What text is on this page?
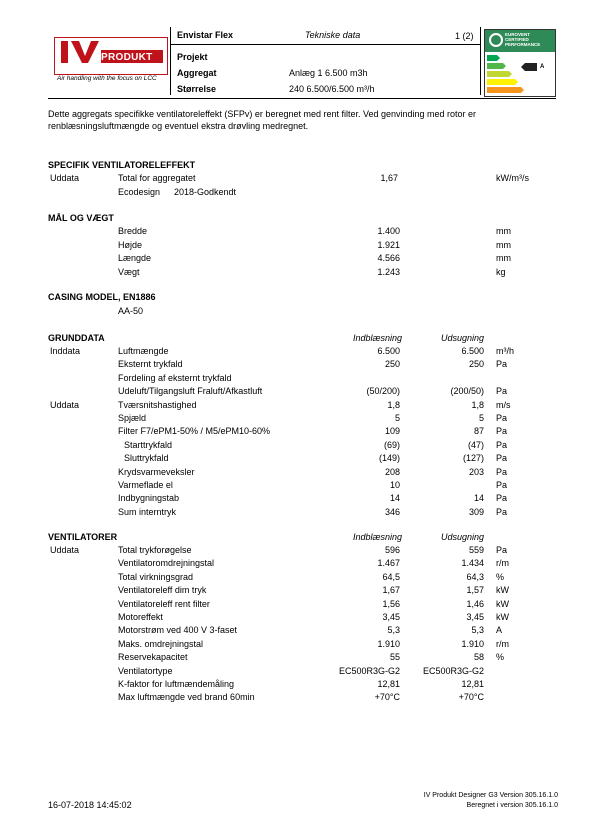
PRODUKT
Air handling with the focus on LCC
Envistar Flex	Tekniske data	1 (2)
Projekt
Aggregat	Anlæg 1 6.500 m3h
Størrelse	240 6.500/6.500 m³/h
EUROVENT CERTIFIED PERFORMANCE
A
Dette aggregats specifikke ventilatoreleffekt (SFPv) er beregnet med rent filter. Ved genvinding med rotor er renblæsningsluftmængde og eventuel ekstra drøvling medregnet.
SPECIFIK VENTILATORELEFFEKT
Uddata	Total for aggregatet	1,67	kW/m³/s
Ecodesign 2018-Godkendt
MÅL OG VÆGT
Bredde	1.400	mm
Højde	1.921	mm
Længde	4.566	mm
Vægt	1.243	kg
CASING MODEL, EN1886
AA-50
GRUNDDATA	Indblæsning	Udsugning
Inddata	Luftmængde	6.500	6.500 m³/h
Eksternt trykfald	250	250 Pa
Fordeling af eksternt trykfald
Udeluft/Tilgangsluft Fraluft/Afkastluft	(50/200)	(200/50) Pa
Uddata	Tværsnitshastighed	1,8	1,8 m/s
Spjæld	5	5 Pa
Filter F7/ePM1-50% / M5/ePM10-60%	109	87 Pa
Starttrykfald	(69)	(47) Pa
Sluttrykfald	(149)	(127) Pa
Krydsvarmeveksler	208	203 Pa
Varmeflade el	10	Pa
Indbygningstab	14	14 Pa
Sum interntryk	346	309 Pa
VENTILATORER	Indblæsning	Udsugning
Uddata	Total trykforøgelse	596	559 Pa
Ventilatoromdrejningstal	1.467	1.434 r/m
Total virkningsgrad	64,5	64,3 %
Ventilatoreleff dim tryk	1,67	1,57 kW
Ventilatoreleff rent filter	1,56	1,46 kW
Motoreffekt	3,45	3,45 kW
Motorstrøm ved 400 V 3-faset	5,3	5,3 A
Maks. omdrejningstal	1.910	1.910 r/m
Reservekapacitet	55	58 %
Ventilatortype	EC500R3G-G2	EC500R3G-G2
K-faktor for luftmændemåling	12,81	12,81
Max luftmængde ved brand 60min	+70°C	+70°C
16-07-2018 14:45:02
IV Produkt Designer G3 Version 305.16.1.0
Beregnet i version 305.16.1.0
